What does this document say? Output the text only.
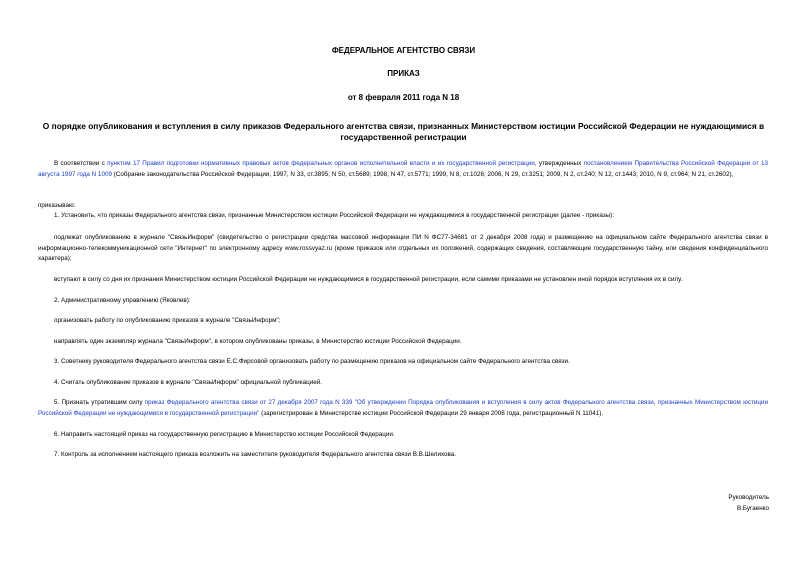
ФЕДЕРАЛЬНОЕ АГЕНТСТВО СВЯЗИ
ПРИКАЗ
от 8 февраля 2011 года N 18
О порядке опубликования и вступления в силу приказов Федерального агентства связи, признанных Министерством юстиции Российской Федерации не нуждающимися в государственной регистрации
В соответствии с пунктом 17 Правил подготовки нормативных правовых актов федеральных органов исполнительной власти и их государственной регистрации, утвержденных постановлением Правительства Российской Федерации от 13 августа 1997 года N 1009 (Собрание законодательства Российской Федерации, 1997, N 33, ст.3895; N 50, ст.5689; 1998, N 47, ст.5771; 1999, N 8, ст.1026; 2006, N 29, ст.3251; 2009, N 2, ст.240; N 12, ст.1443; 2010, N 9, ст.964; N 21, ст.2602),
приказываю:
1. Установить, что приказы Федерального агентства связи, признанные Министерством юстиции Российской Федерации не нуждающимися в государственной регистрации (далее - приказы):
подлежат опубликованию в журнале "СвязьИнформ" (свидетельство о регистрации средства массовой информации ПИ N ФС77-34681 от 2 декабря 2008 года) и размещению на официальном сайте Федерального агентства связи в информационно-телекоммуникационной сети "Интернет" по электронному адресу www.rossvyaz.ru (кроме приказов или отдельных их положений, содержащих сведения, составляющие государственную тайну, или сведения конфиденциального характера);
вступают в силу со дня их признания Министерством юстиции Российской Федерации не нуждающимися в государственной регистрации, если самими приказами не установлен иной порядок вступления их в силу.
2. Административному управлению (Яковлев):
организовать работу по опубликованию приказов в журнале "СвязьИнформ";
направлять один экземпляр журнала "СвязьИнформ", в котором опубликованы приказы, в Министерство юстиции Российской Федерации.
3. Советнику руководителя Федерального агентства связи Е.С.Фирсовой организовать работу по размещению приказов на официальном сайте Федерального агентства связи.
4. Считать опубликование приказов в журнале "СвязьИнформ" официальной публикацией.
5. Признать утратившим силу приказ Федерального агентства связи от 27 декабря 2007 года N 339 "Об утверждении Порядка опубликования и вступления в силу актов Федерального агентства связи, признанных Министерством юстиции Российской Федерации не нуждающимися в государственной регистрации" (зарегистрирован в Министерстве юстиции Российской Федерации 29 января 2008 года, регистрационный N 11041).
6. Направить настоящий приказ на государственную регистрацию в Министерство юстиции Российской Федерации.
7. Контроль за исполнением настоящего приказа возложить на заместителя руководителя Федерального агентства связи В.В.Шелихова.
Руководитель
В.Бугаенко
